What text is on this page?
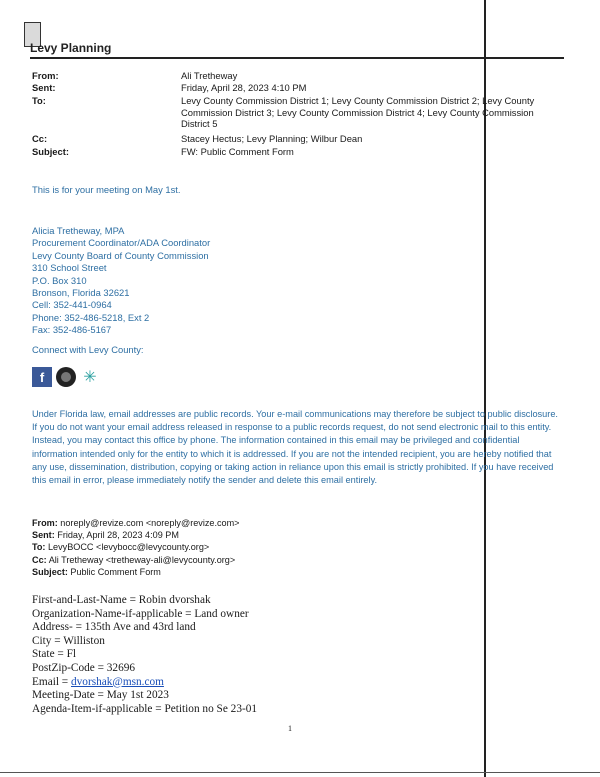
Levy Planning
From:	Ali Tretheway
Sent:	Friday, April 28, 2023 4:10 PM
To:	Levy County Commission District 1; Levy County Commission District 2; Levy County Commission District 3; Levy County Commission District 4; Levy County Commission District 5
Cc:	Stacey Hectus; Levy Planning; Wilbur Dean
Subject:	FW: Public Comment Form
This is for your meeting on May 1st.
Alicia Tretheway, MPA
Procurement Coordinator/ADA Coordinator
Levy County Board of County Commission
310 School Street
P.O. Box 310
Bronson, Florida 32621
Cell: 352-441-0964
Phone: 352-486-5218, Ext 2
Fax: 352-486-5167
Connect with Levy County:
f	✳
Under Florida law, email addresses are public records. Your e-mail communications may therefore be subject to public disclosure. If you do not want your email address released in response to a public records request, do not send electronic mail to this entity. Instead, you may contact this office by phone. The information contained in this email may be privileged and confidential information intended only for the entity to which it is addressed. If you are not the intended recipient, you are hereby notified that any use, dissemination, distribution, copying or taking action in reliance upon this email is strictly prohibited. If you have received this email in error, please immediately notify the sender and delete this email entirely.
From: noreply@revize.com <noreply@revize.com>
Sent: Friday, April 28, 2023 4:09 PM
To: LevyBOCC <levybocc@levycounty.org>
Cc: Ali Tretheway <tretheway-ali@levycounty.org>
Subject: Public Comment Form
First-and-Last-Name = Robin dvorshak
Organization-Name-if-applicable = Land owner
Address- = 135th Ave and 43rd land
City = Williston
State = Fl
PostZip-Code = 32696
Email = dvorshak@msn.com
Meeting-Date = May 1st 2023
Agenda-Item-if-applicable = Petition no Se 23-01
1
